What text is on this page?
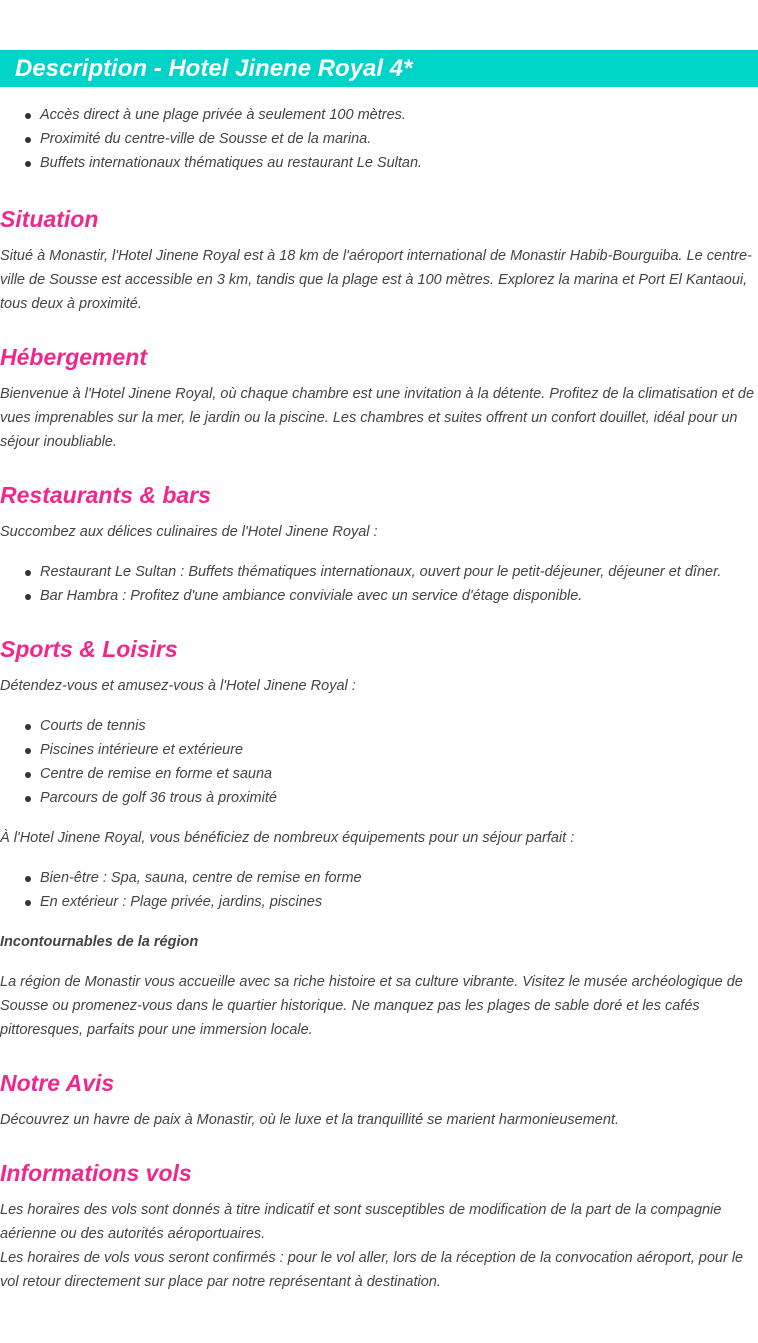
Description - Hotel Jinene Royal 4*
Accès direct à une plage privée à seulement 100 mètres.
Proximité du centre-ville de Sousse et de la marina.
Buffets internationaux thématiques au restaurant Le Sultan.
Situation

Situé à Monastir, l'Hotel Jinene Royal est à 18 km de l'aéroport international de Monastir Habib-Bourguiba. Le centre-ville de Sousse est accessible en 3 km, tandis que la plage est à 100 mètres. Explorez la marina et Port El Kantaoui, tous deux à proximité.

Hébergement

Bienvenue à l'Hotel Jinene Royal, où chaque chambre est une invitation à la détente. Profitez de la climatisation et de vues imprenables sur la mer, le jardin ou la piscine. Les chambres et suites offrent un confort douillet, idéal pour un séjour inoubliable.

Restaurants & bars

Succombez aux délices culinaires de l'Hotel Jinene Royal :

Restaurant Le Sultan : Buffets thématiques internationaux, ouvert pour le petit-déjeuner, déjeuner et dîner.
Bar Hambra : Profitez d'une ambiance conviviale avec un service d'étage disponible.
Sports & Loisirs

Détendez-vous et amusez-vous à l'Hotel Jinene Royal :

Courts de tennis
Piscines intérieure et extérieure
Centre de remise en forme et sauna
Parcours de golf 36 trous à proximité

À l'Hotel Jinene Royal, vous bénéficiez de nombreux équipements pour un séjour parfait :

Bien-être : Spa, sauna, centre de remise en forme
En extérieur : Plage privée, jardins, piscines

Incontournables de la région

La région de Monastir vous accueille avec sa riche histoire et sa culture vibrante. Visitez le musée archéologique de Sousse ou promenez-vous dans le quartier historique. Ne manquez pas les plages de sable doré et les cafés pittoresques, parfaits pour une immersion locale.

Notre Avis

Découvrez un havre de paix à Monastir, où le luxe et la tranquillité se marient harmonieusement.

Informations vols

Les horaires des vols sont donnés à titre indicatif et sont susceptibles de modification de la part de la compagnie aérienne ou des autorités aéroportuaires.

Les horaires de vols vous seront confirmés : pour le vol aller, lors de la réception de la convocation aéroport, pour le vol retour directement sur place par notre représentant à destination.
